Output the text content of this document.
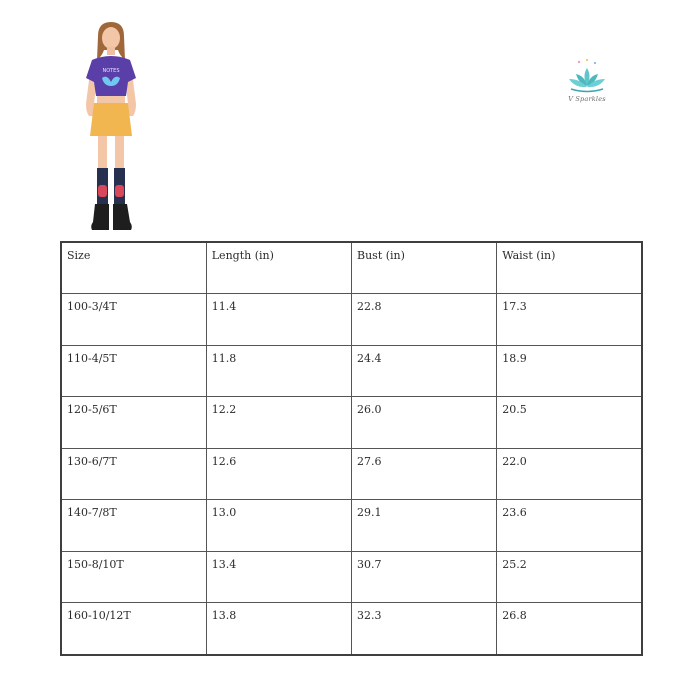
NOTES
V Sparkles
Size	Length (in)	Bust (in)	Waist (in)
100-3/4T	11.4	22.8	17.3
110-4/5T	11.8	24.4	18.9
120-5/6T	12.2	26.0	20.5
130-6/7T	12.6	27.6	22.0
140-7/8T	13.0	29.1	23.6
150-8/10T	13.4	30.7	25.2
160-10/12T	13.8	32.3	26.8
